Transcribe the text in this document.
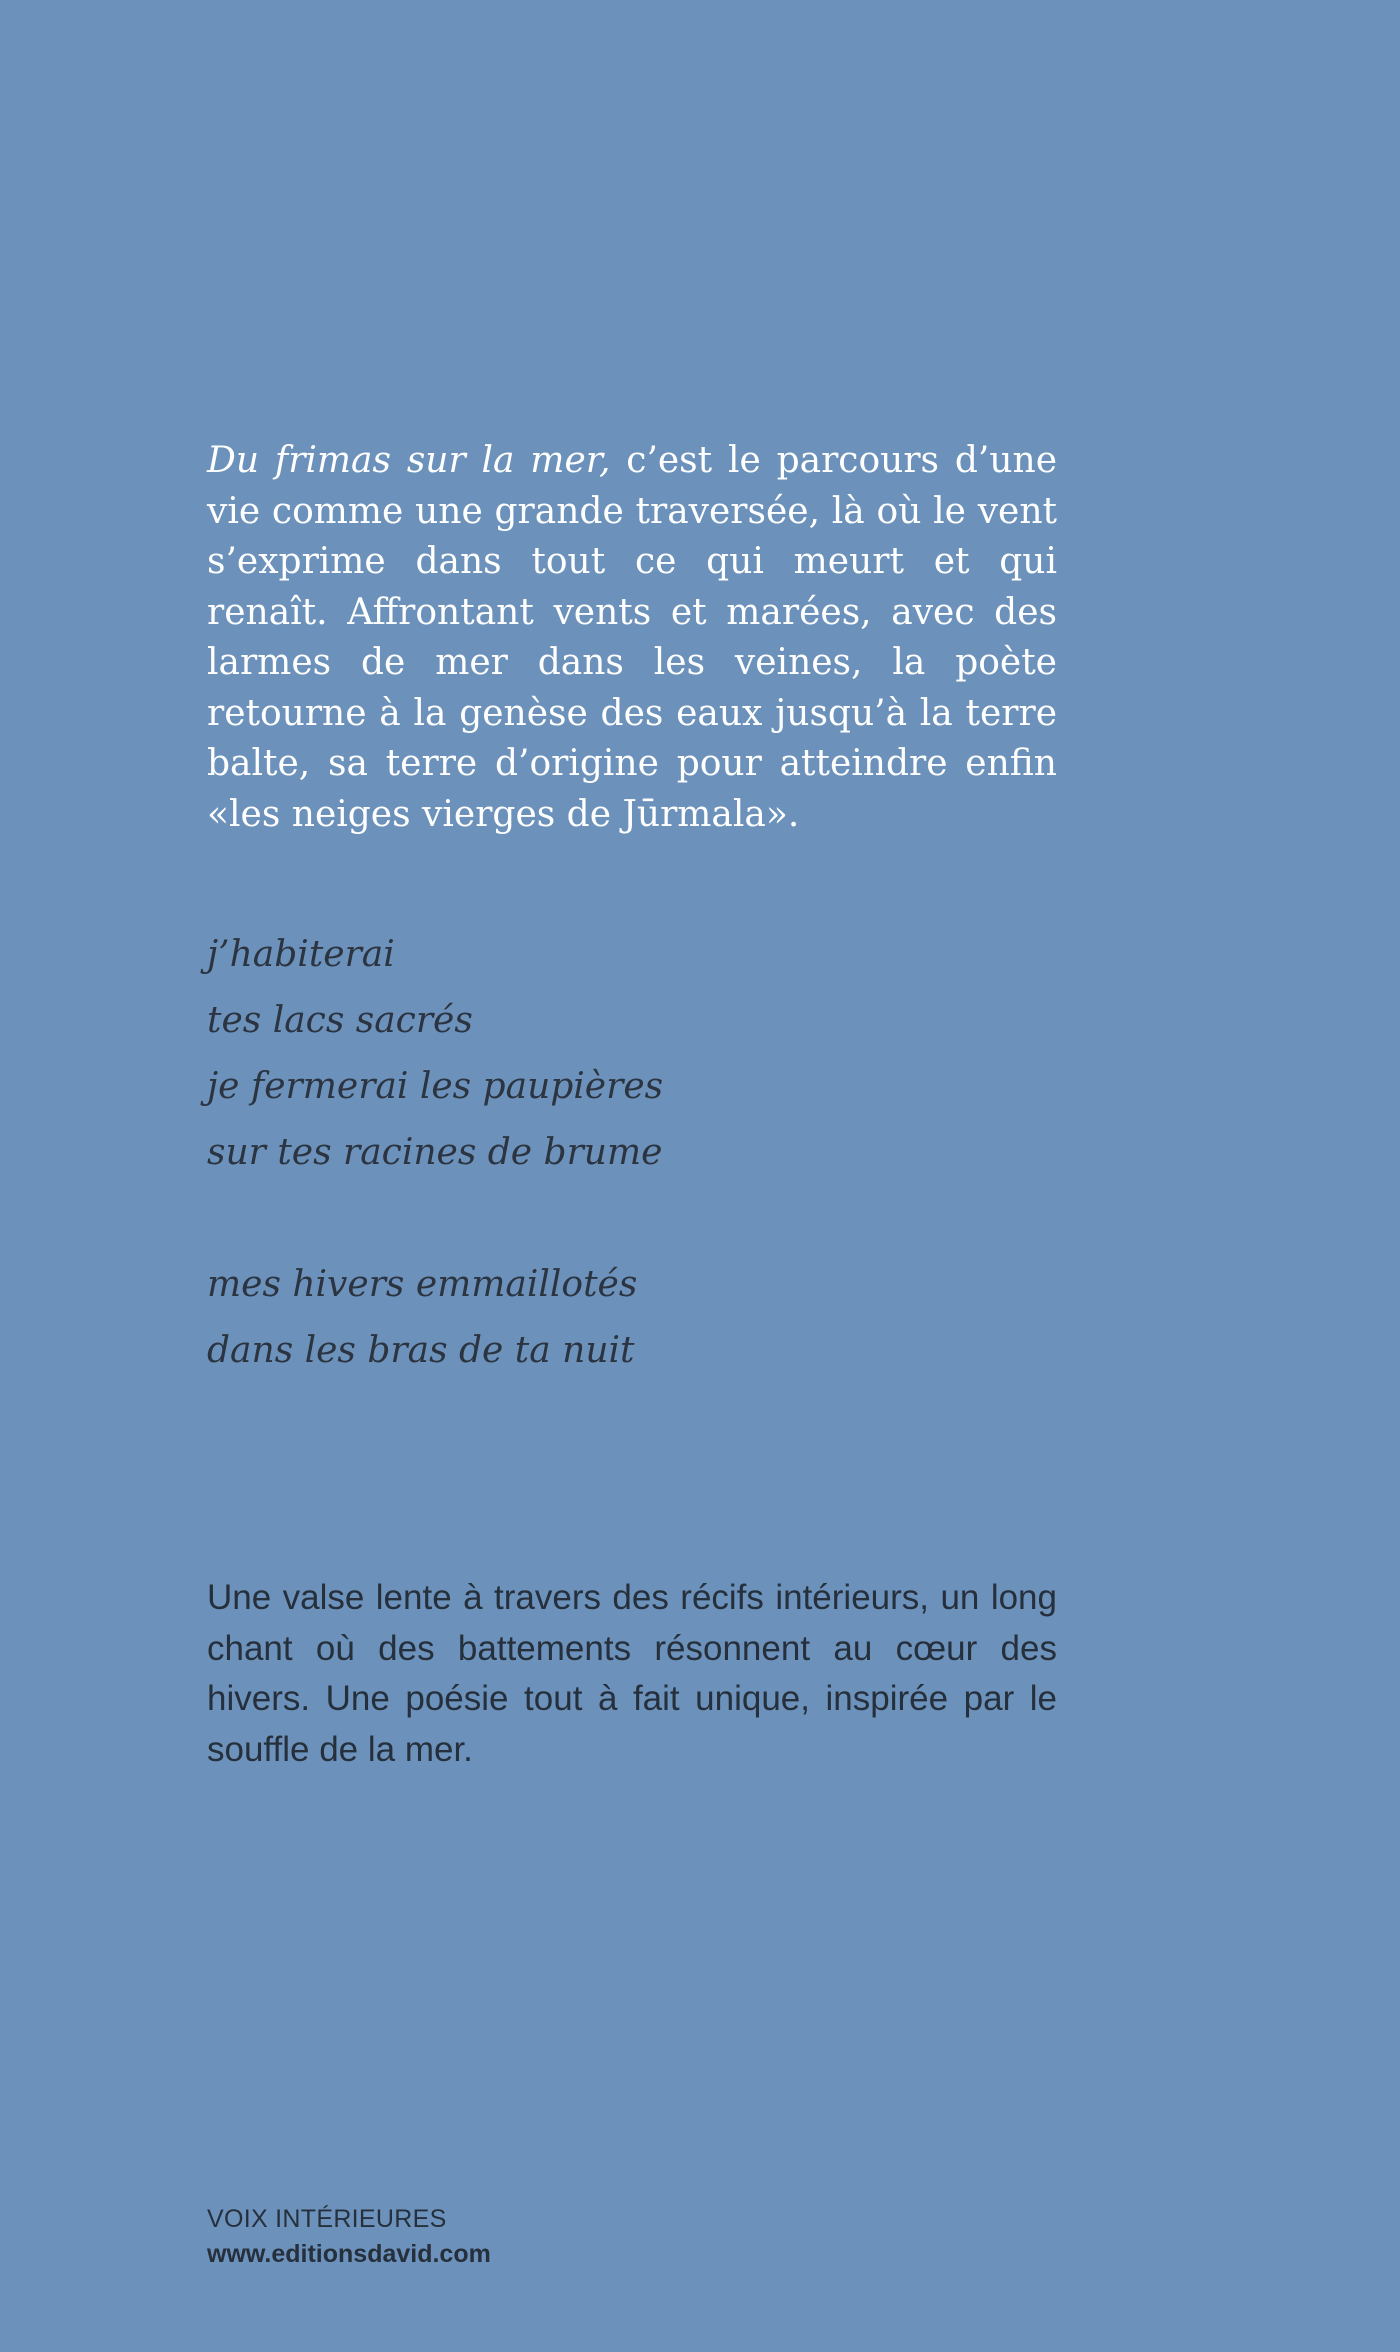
Du frimas sur la mer, c’est le parcours d’une vie comme une grande traversée, là où le vent s’exprime dans tout ce qui meurt et qui renaît. Affrontant vents et marées, avec des larmes de mer dans les veines, la poète retourne à la genèse des eaux jusqu’à la terre balte, sa terre d’origine pour atteindre enfin «les neiges vierges de Jūrmala».

j’habiterai
tes lacs sacrés
je fermerai les paupières
sur tes racines de brume
mes hivers emmaillotés
dans les bras de ta nuit

Une valse lente à travers des récifs intérieurs, un long chant où des battements résonnent au cœur des hivers. Une poésie tout à fait unique, inspirée par le souffle de la mer.

VOIX INTÉRIEURES
www.editionsdavid.com
